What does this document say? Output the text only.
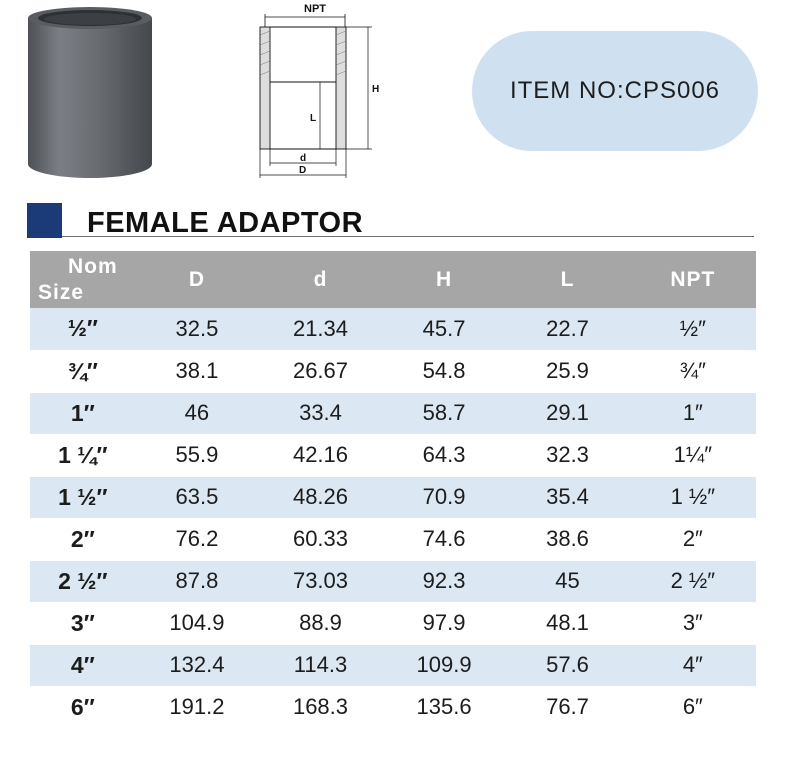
NPT
H
L
d
D
ITEM NO:CPS006
FEMALE ADAPTOR
Nom
Size	D	d	H	L	NPT
½″	32.5	21.34	45.7	22.7	½″
¾″	38.1	26.67	54.8	25.9	¾″
1″	46	33.4	58.7	29.1	1″
1 ¼″	55.9	42.16	64.3	32.3	1¼″
1 ½″	63.5	48.26	70.9	35.4	1 ½″
2″	76.2	60.33	74.6	38.6	2″
2 ½″	87.8	73.03	92.3	45	2 ½″
3″	104.9	88.9	97.9	48.1	3″
4″	132.4	114.3	109.9	57.6	4″
6″	191.2	168.3	135.6	76.7	6″
